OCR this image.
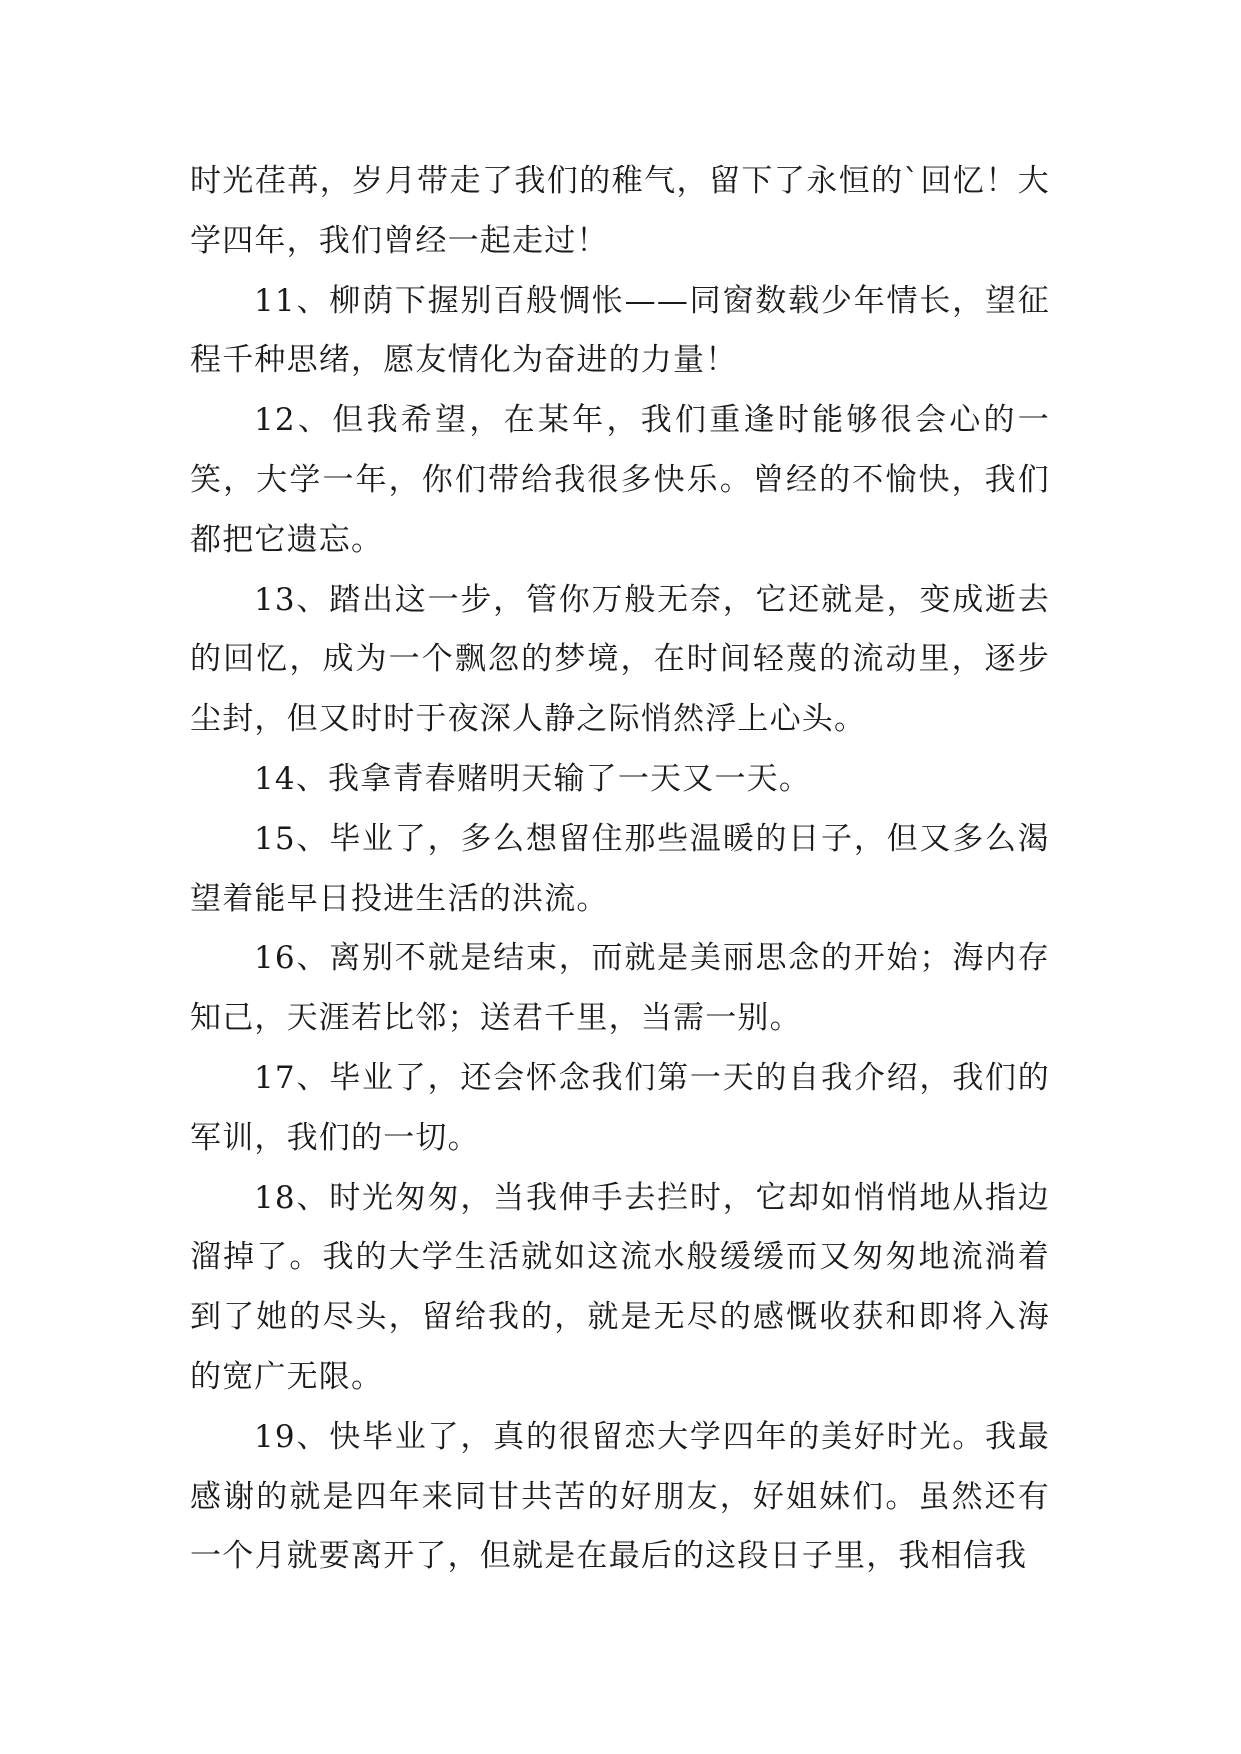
时光荏苒，岁月带走了我们的稚气，留下了永恒的`回忆！大学四年，我们曾经一起走过！

11、柳荫下握别百般惆怅——同窗数载少年情长，望征程千种思绪，愿友情化为奋进的力量！

12、但我希望，在某年，我们重逢时能够很会心的一笑，大学一年，你们带给我很多快乐。曾经的不愉快，我们都把它遗忘。

13、踏出这一步，管你万般无奈，它还就是，变成逝去的回忆，成为一个飘忽的梦境，在时间轻蔑的流动里，逐步尘封，但又时时于夜深人静之际悄然浮上心头。

14、我拿青春赌明天输了一天又一天。

15、毕业了，多么想留住那些温暖的日子，但又多么渴望着能早日投进生活的洪流。

16、离别不就是结束，而就是美丽思念的开始；海内存知己，天涯若比邻；送君千里，当需一别。

17、毕业了，还会怀念我们第一天的自我介绍，我们的军训，我们的一切。

18、时光匆匆，当我伸手去拦时，它却如悄悄地从指边溜掉了。我的大学生活就如这流水般缓缓而又匆匆地流淌着到了她的尽头，留给我的，就是无尽的感慨收获和即将入海的宽广无限。

19、快毕业了，真的很留恋大学四年的美好时光。我最感谢的就是四年来同甘共苦的好朋友，好姐妹们。虽然还有一个月就要离开了，但就是在最后的这段日子里，我相信我
